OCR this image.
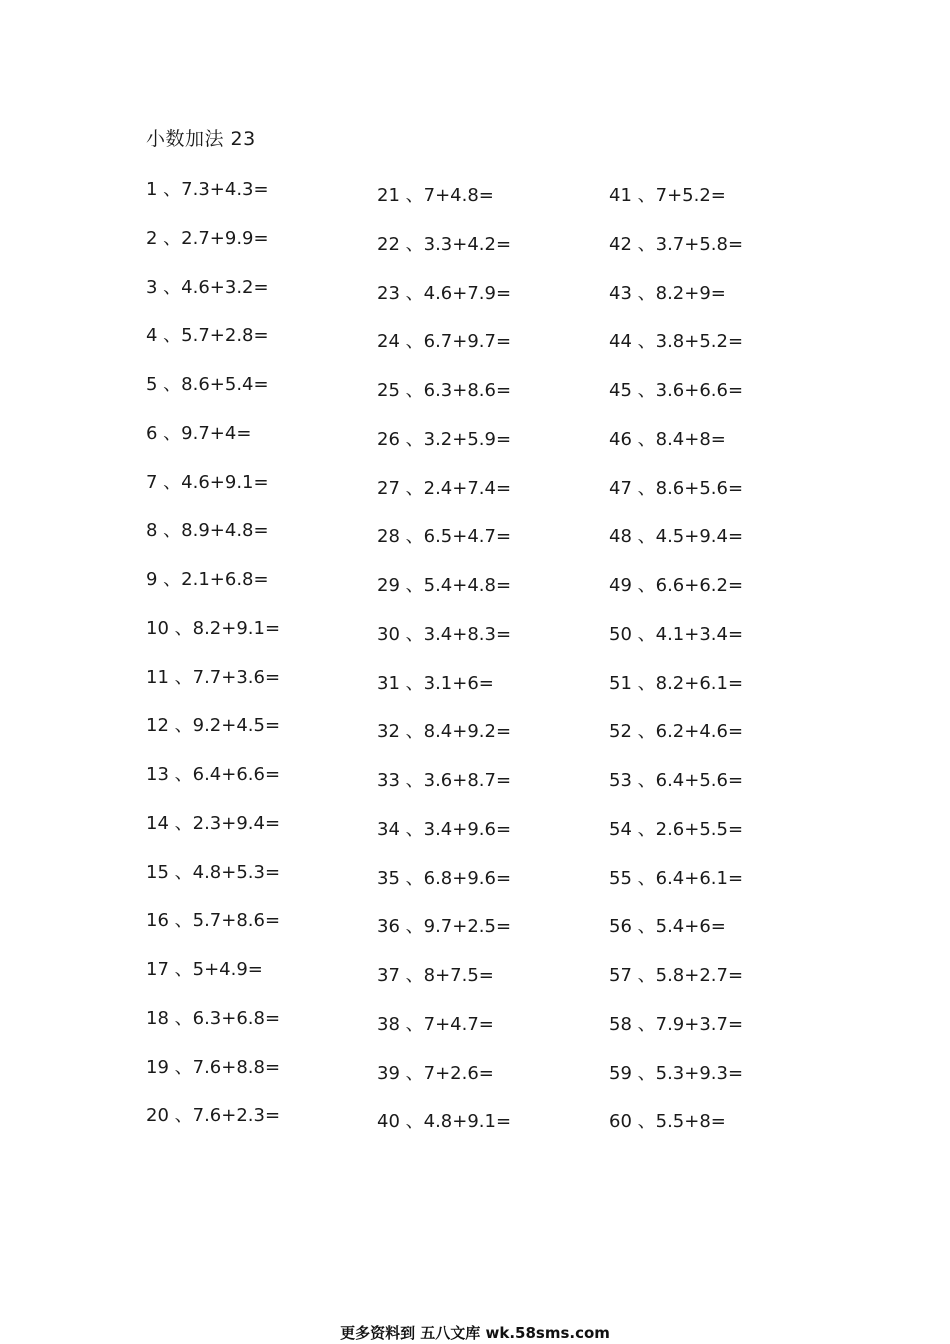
小数加法 23
1 、7.3+4.3=
2 、2.7+9.9=
3 、4.6+3.2=
4 、5.7+2.8=
5 、8.6+5.4=
6 、9.7+4=
7 、4.6+9.1=
8 、8.9+4.8=
9 、2.1+6.8=
10 、8.2+9.1=
11 、7.7+3.6=
12 、9.2+4.5=
13 、6.4+6.6=
14 、2.3+9.4=
15 、4.8+5.3=
16 、5.7+8.6=
17 、5+4.9=
18 、6.3+6.8=
19 、7.6+8.8=
20 、7.6+2.3=
21 、7+4.8=
22 、3.3+4.2=
23 、4.6+7.9=
24 、6.7+9.7=
25 、6.3+8.6=
26 、3.2+5.9=
27 、2.4+7.4=
28 、6.5+4.7=
29 、5.4+4.8=
30 、3.4+8.3=
31 、3.1+6=
32 、8.4+9.2=
33 、3.6+8.7=
34 、3.4+9.6=
35 、6.8+9.6=
36 、9.7+2.5=
37 、8+7.5=
38 、7+4.7=
39 、7+2.6=
40 、4.8+9.1=
41 、7+5.2=
42 、3.7+5.8=
43 、8.2+9=
44 、3.8+5.2=
45 、3.6+6.6=
46 、8.4+8=
47 、8.6+5.6=
48 、4.5+9.4=
49 、6.6+6.2=
50 、4.1+3.4=
51 、8.2+6.1=
52 、6.2+4.6=
53 、6.4+5.6=
54 、2.6+5.5=
55 、6.4+6.1=
56 、5.4+6=
57 、5.8+2.7=
58 、7.9+3.7=
59 、5.3+9.3=
60 、5.5+8=
更多资料到 五八文库 wk.58sms.com
